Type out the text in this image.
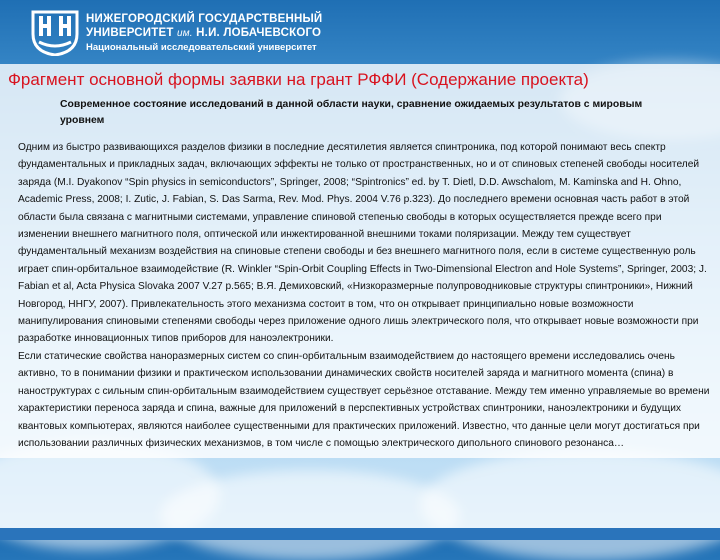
НИЖЕГОРОДСКИЙ ГОСУДАРСТВЕННЫЙ
УНИВЕРСИТЕТ им. Н.И. ЛОБАЧЕВСКОГО
Национальный исследовательский университет
Фрагмент основной формы заявки на грант РФФИ (Содержание проекта)
Современное состояние исследований в данной области науки, сравнение ожидаемых результатов с мировым уровнем

Одним из быстро развивающихся разделов физики в последние десятилетия является спинтроника, под которой понимают весь спектр фундаментальных и прикладных задач, включающих эффекты не только от пространственных, но и от спиновых степеней свободы носителей заряда (M.I. Dyakonov “Spin physics in semiconductors”, Springer, 2008; “Spintronics” ed. by T. Dietl, D.D. Awschalom, M. Kaminska and H. Ohno, Academic Press, 2008; I. Zutic, J. Fabian, S. Das Sarma, Rev. Mod. Phys. 2004 V.76 p.323). До последнего времени основная часть работ в этой области была связана с магнитными системами, управление спиновой степенью свободы в которых осуществляется прежде всего при изменении внешнего магнитного поля, оптической или инжектированной внешними токами поляризации. Между тем существует фундаментальный механизм воздействия на спиновые степени свободы и без внешнего магнитного поля, если в системе существенную роль играет спин-орбитальное взаимодействие (R. Winkler “Spin-Orbit Coupling Effects in Two-Dimensional Electron and Hole Systems”, Springer, 2003; J. Fabian et al, Acta Physica Slovaka 2007 V.27 p.565; В.Я. Демиховский, «Низкоразмерные полупроводниковые структуры спинтроники», Нижний Новгород, ННГУ, 2007). Привлекательность этого механизма состоит в том, что он открывает принципиально новые возможности манипулирования спиновыми степенями свободы через приложение одного лишь электрического поля, что открывает новые возможности при разработке инновационных типов приборов для наноэлектроники.

Если статические свойства наноразмерных систем со спин-орбитальным взаимодействием до настоящего времени исследовались очень активно, то в понимании физики и практическом использовании динамических свойств носителей заряда и магнитного момента (спина) в наноструктурах с сильным спин-орбитальным взаимодействием существует серьёзное отставание. Между тем именно управляемые во времени характеристики переноса заряда и спина, важные для приложений в перспективных устройствах спинтроники, наноэлектроники и будущих квантовых компьютерах, являются наиболее существенными для практических приложений. Известно, что данные цели могут достигаться при использовании различных физических механизмов, в том числе с помощью электрического дипольного спинового резонанса…
